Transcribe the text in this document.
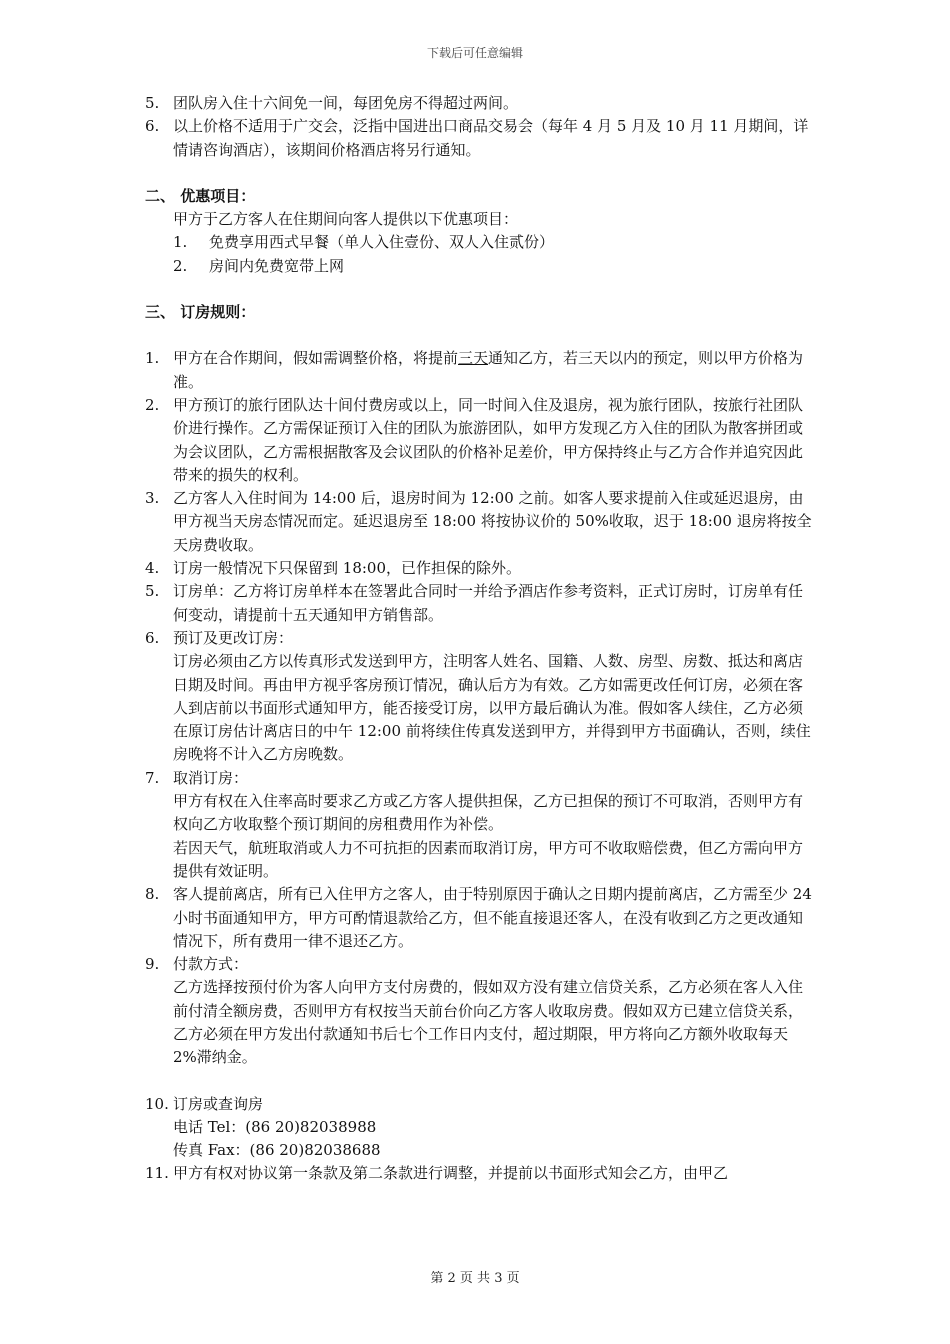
下载后可任意编辑
5. 团队房入住十六间免一间，每团免房不得超过两间。
6. 以上价格不适用于广交会，泛指中国进出口商品交易会（每年 4 月 5 月及 10 月 11 月期间，详情请咨询酒店），该期间价格酒店将另行通知。
二、 优惠项目：
甲方于乙方客人在住期间向客人提供以下优惠项目：
1.	免费享用西式早餐（单人入住壹份、双人入住贰份）
2.	房间内免费宽带上网
三、 订房规则：
1. 甲方在合作期间，假如需调整价格，将提前三天通知乙方，若三天以内的预定，则以甲方价格为准。
2. 甲方预订的旅行团队达十间付费房或以上，同一时间入住及退房，视为旅行团队，按旅行社团队价进行操作。乙方需保证预订入住的团队为旅游团队，如甲方发现乙方入住的团队为散客拼团或为会议团队，乙方需根据散客及会议团队的价格补足差价，甲方保持终止与乙方合作并追究因此带来的损失的权利。
3. 乙方客人入住时间为 14:00 后，退房时间为 12:00 之前。如客人要求提前入住或延迟退房，由甲方视当天房态情况而定。延迟退房至 18:00 将按协议价的 50%收取，迟于 18:00 退房将按全天房费收取。
4. 订房一般情况下只保留到 18:00，已作担保的除外。
5. 订房单：乙方将订房单样本在签署此合同时一并给予酒店作参考资料，正式订房时，订房单有任何变动，请提前十五天通知甲方销售部。
6. 预订及更改订房：
订房必须由乙方以传真形式发送到甲方，注明客人姓名、国籍、人数、房型、房数、抵达和离店日期及时间。再由甲方视乎客房预订情况，确认后方为有效。乙方如需更改任何订房，必须在客人到店前以书面形式通知甲方，能否接受订房，以甲方最后确认为准。假如客人续住，乙方必须在原订房估计离店日的中午 12:00 前将续住传真发送到甲方，并得到甲方书面确认，否则，续住房晚将不计入乙方房晚数。
7. 取消订房：
甲方有权在入住率高时要求乙方或乙方客人提供担保，乙方已担保的预订不可取消，否则甲方有权向乙方收取整个预订期间的房租费用作为补偿。
若因天气，航班取消或人力不可抗拒的因素而取消订房，甲方可不收取赔偿费，但乙方需向甲方提供有效证明。
8. 客人提前离店，所有已入住甲方之客人，由于特别原因于确认之日期内提前离店，乙方需至少 24 小时书面通知甲方，甲方可酌情退款给乙方，但不能直接退还客人，在没有收到乙方之更改通知情况下，所有费用一律不退还乙方。
9. 付款方式：
乙方选择按预付价为客人向甲方支付房费的，假如双方没有建立信贷关系，乙方必须在客人入住前付清全额房费，否则甲方有权按当天前台价向乙方客人收取房费。假如双方已建立信贷关系，乙方必须在甲方发出付款通知书后七个工作日内支付，超过期限，甲方将向乙方额外收取每天 2%滞纳金。
10. 订房或查询房
电话 Tel：(86 20)82038988
传真 Fax：(86 20)82038688
11. 甲方有权对协议第一条款及第二条款进行调整，并提前以书面形式知会乙方，由甲乙
第 2 页 共 3 页
